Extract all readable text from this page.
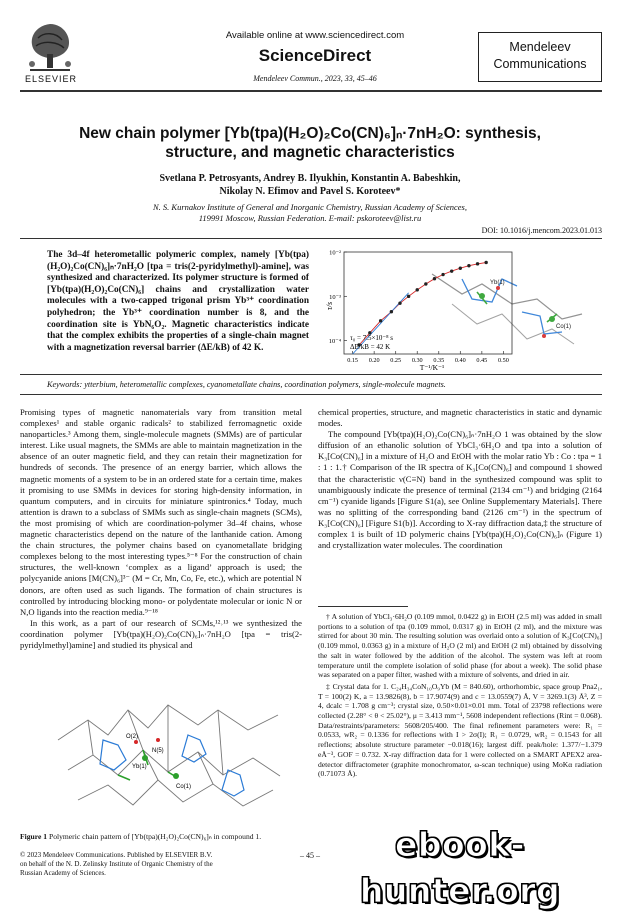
ELSEVIER
Available online at www.sciencedirect.com
ScienceDirect
Mendeleev Commun., 2023, 33, 45–46
Mendeleev
Communications
New chain polymer [Yb(tpa)(H₂O)₂Co(CN)₆]ₙ·7nH₂O: synthesis,
structure, and magnetic characteristics
Svetlana P. Petrosyants, Andrey B. Ilyukhin, Konstantin A. Babeshkin,
Nikolay N. Efimov and Pavel S. Koroteev*
N. S. Kurnakov Institute of General and Inorganic Chemistry, Russian Academy of Sciences,
119991 Moscow, Russian Federation. E-mail: pskoroteev@list.ru
DOI: 10.1016/j.mencom.2023.01.013
The 3d–4f heterometallic polymeric complex, namely [Yb(tpa)(H₂O)₂Co(CN)₆]ₙ·7nH₂O [tpa = tris(2-pyridylmethyl)-amine], was synthesized and characterized. Its polymer structure is formed of [Yb(tpa)(H₂O)₂Co(CN)₆] chains and crystallization water molecules with a two-capped trigonal prism Yb³⁺ coordination polyhedron; the Yb³⁺ coordination number is 8, and the coordination site is YbN₆O₂. Magnetic characteristics indicate that the complex exhibits the properties of a single-chain magnet with a magnetization reversal barrier (ΔE/kB) of 42 K.
Yb(1)
Co(1)
10⁻²
10⁻³
10⁻⁴
0.15 0.20 0.25 0.30 0.35 0.40 0.45 0.50
τ/s
T⁻¹/K⁻¹
τ₀ = 7.5×10⁻⁸ s
ΔE/kB = 42 K
Keywords: ytterbium, heterometallic complexes, cyanometallate chains, coordination polymers, single-molecule magnets.

Promising types of magnetic nanomaterials vary from transition metal complexes¹ and stable organic radicals² to stabilized ferromagnetic oxide nanoparticles.³ Among them, single-molecule magnets (SMMs) are of particular interest. Like usual magnets, the SMMs are able to maintain magnetization in the absence of an outer magnetic field, and they can retain their magnetization for hundreds of seconds. The presence of an energy barrier, which allows the magnetic moments of a system to be in an ordered state for a certain time, makes it promising to use SMMs in devices for storing high-density information, in quantum computers, and in circuits for miniature spintronics.⁴ Today, much attention is drawn to a subclass of SMMs such as single-chain magnets (SCMs), the most promising of which are coordination-polymer 3d–4f chains, whose magnetic characteristics depend on the nature of the lanthanide cation. Among the chain structures, the polymer chains based on cyanometallate bridging complexes belong to the most interesting types.⁵⁻⁸ For the construction of chain structures, the well-known ‘complex as a ligand’ approach is used; the polycyanide anions [M(CN)₆]³⁻ (M = Cr, Mn, Co, Fe, etc.), which are potential N donors, are often used as such ligands. The formation of chain structures is controlled by introducing blocking mono- or polydentate molecular or ionic N or N,O ligands into the reaction media.⁹⁻¹⁸

In this work, as a part of our research of SCMs,¹²˒¹³ we synthesized the coordination polymer [Yb(tpa)(H₂O)₂Co(CN)₆]ₙ·7nH₂O [tpa = tris(2-pyridylmethyl)amine] and studied its physical and

O(2)
N(5)
Yb(1)
Co(1)
Figure 1 Polymeric chain pattern of [Yb(tpa)(H₂O)₂Co(CN)₆]ₙ in compound 1.

chemical properties, structure, and magnetic characteristics in static and dynamic modes.

The compound [Yb(tpa)(H₂O)₂Co(CN)₆]ₙ·7nH₂O 1 was obtained by the slow diffusion of an ethanolic solution of YbCl₃·6H₂O and tpa into a solution of K₃[Co(CN)₆] in a mixture of H₂O and EtOH with the molar ratio Yb : Co : tpa = 1 : 1 : 1.† Comparison of the IR spectra of K₃[Co(CN)₆] and compound 1 showed that the characteristic ν(C≡N) band in the synthesized compound was split to unambiguously indicate the presence of terminal (2134 cm⁻¹) and bridging (2164 cm⁻¹) cyanide ligands [Figure S1(a), see Online Supplementary Materials]. There was no splitting of the corresponding band (2126 cm⁻¹) in the spectrum of K₃[Co(CN)₆] [Figure S1(b)]. According to X-ray diffraction data,‡ the structure of complex 1 is built of 1D polymeric chains [Yb(tpa)(H₂O)₂Co(CN)₆]ₙ (Figure 1) and crystallization water molecules. The coordination

† A solution of YbCl₃·6H₂O (0.109 mmol, 0.0422 g) in EtOH (2.5 ml) was added in small portions to a solution of tpa (0.109 mmol, 0.0317 g) in EtOH (2 ml), and the mixture was stirred for about 30 min. The resulting solution was overlaid onto a solution of K₃[Co(CN)₆] (0.109 mmol, 0.0363 g) in a mixture of H₂O (2 ml) and EtOH (2 ml) obtained by dissolving the salt in water followed by the addition of the alcohol. The system was left at room temperature until the complete isolation of solid phase (for about a week). The solid phase was separated on a paper filter, washed with a mixture of solvents, and dried in air.

‡ Crystal data for 1. C₂₄H₃₄CoN₁₀O₉Yb (M = 840.60), orthorhombic, space group Pna2₁, T = 100(2) K, a = 13.9826(8), b = 17.9074(9) and c = 13.0559(7) Å, V = 3269.1(3) Å³, Z = 4, dcalc = 1.708 g cm⁻³; crystal size, 0.50×0.01×0.01 mm. Total of 23798 reflections were collected (2.28° < θ < 25.02°), μ = 3.413 mm⁻¹, 5608 independent reflections (Rint = 0.068). Data/restraints/parameters: 5608/205/400. The final refinement parameters were: R₁ = 0.0533, wR₂ = 0.1336 for reflections with I > 2σ(I); R₁ = 0.0729, wR₂ = 0.1543 for all reflections; absolute structure parameter −0.018(16); largest diff. peak/hole: 1.377/−1.379 eÅ⁻³, GOF = 0.732. X-ray diffraction data for 1 were collected on a SMART APEX2 area-detector diffractometer (graphite monochromator, ω-scan technique) using MoKα radiation (0.71073 Å).

© 2023 Mendeleev Communications. Published by ELSEVIER B.V.
on behalf of the N. D. Zelinsky Institute of Organic Chemistry of the
Russian Academy of Sciences.
– 45 –	ebook-hunter.org
